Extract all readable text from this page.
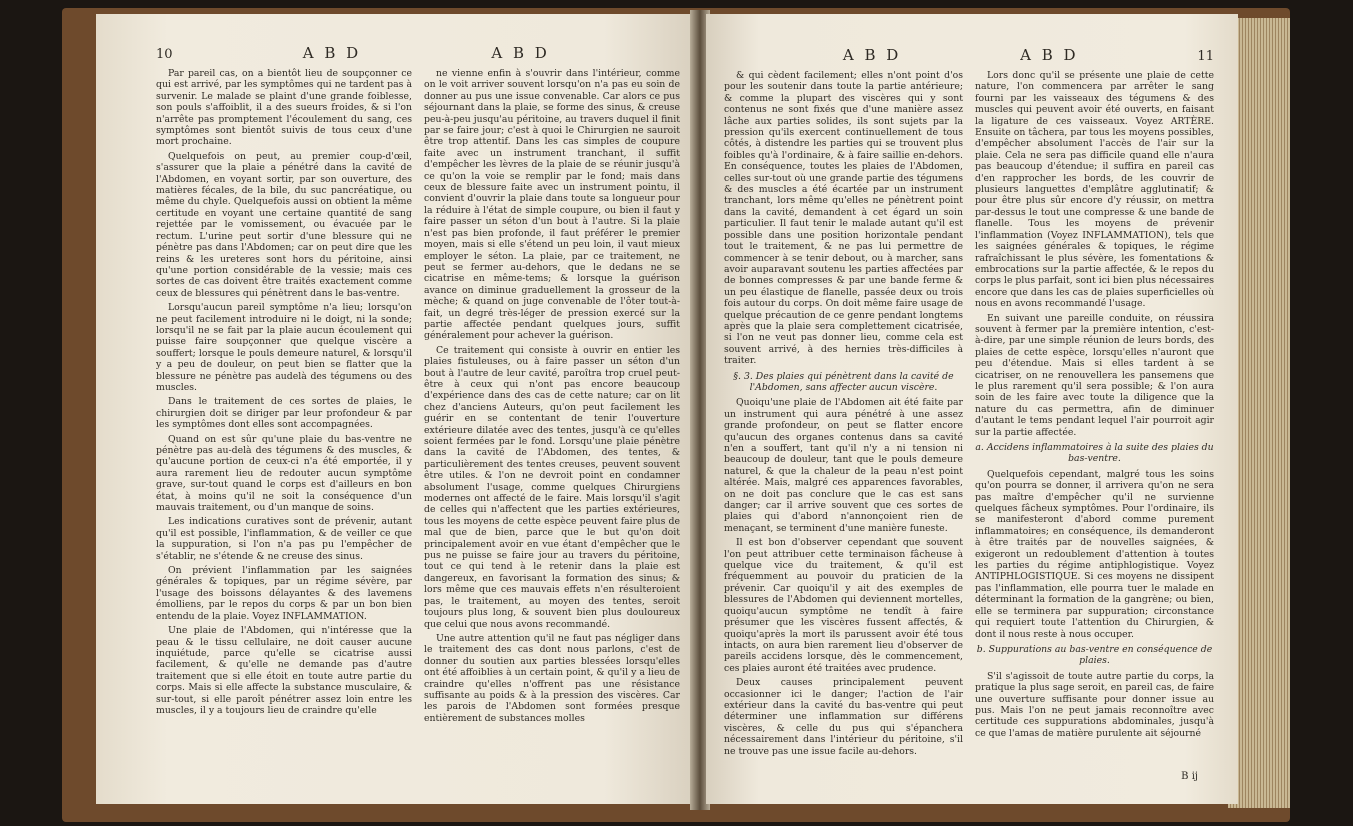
10	A B D	A B D

Par pareil cas, on a bientôt lieu de soupçonner ce qui est arrivé, par les symptômes qui ne tardent pas à survenir. Le malade se plaint d'une grande foiblesse, son pouls s'affoiblit, il a des sueurs froides, & si l'on n'arrête pas promptement l'écoulement du sang, ces symptômes sont bientôt suivis de tous ceux d'une mort prochaine.

Quelquefois on peut, au premier coup-d'œil, s'assurer que la plaie a pénétré dans la cavité de l'Abdomen, en voyant sortir, par son ouverture, des matières fécales, de la bile, du suc pancréatique, ou même du chyle. Quelquefois aussi on obtient la même certitude en voyant une certaine quantité de sang rejettée par le vomissement, ou évacuée par le rectum. L'urine peut sortir d'une blessure qui ne pénètre pas dans l'Abdomen; car on peut dire que les reins & les ureteres sont hors du péritoine, ainsi qu'une portion considérable de la vessie; mais ces sortes de cas doivent être traités exactement comme ceux de blessures qui pénètrent dans le bas-ventre.

Lorsqu'aucun pareil symptôme n'a lieu; lorsqu'on ne peut facilement introduire ni le doigt, ni la sonde; lorsqu'il ne se fait par la plaie aucun écoulement qui puisse faire soupçonner que quelque viscère a souffert; lorsque le pouls demeure naturel, & lorsqu'il y a peu de douleur, on peut bien se flatter que la blessure ne pénètre pas audelà des tégumens ou des muscles.

Dans le traitement de ces sortes de plaies, le chirurgien doit se diriger par leur profondeur & par les symptômes dont elles sont accompagnées.

Quand on est sûr qu'une plaie du bas-ventre ne pénètre pas au-delà des tégumens & des muscles, & qu'aucune portion de ceux-ci n'a été emportée, il y aura rarement lieu de redouter aucun symptôme grave, sur-tout quand le corps est d'ailleurs en bon état, à moins qu'il ne soit la conséquence d'un mauvais traitement, ou d'un manque de soins.

Les indications curatives sont de prévenir, autant qu'il est possible, l'inflammation, & de veiller ce que la suppuration, si l'on n'a pas pu l'empêcher de s'établir, ne s'étende & ne creuse des sinus.

On prévient l'inflammation par les saignées générales & topiques, par un régime sévère, par l'usage des boissons délayantes & des lavemens émolliens, par le repos du corps & par un bon bien entendu de la plaie. Voyez INFLAMMATION.

Une plaie de l'Abdomen, qui n'intéresse que la peau & le tissu cellulaire, ne doit causer aucune inquiétude, parce qu'elle se cicatrise aussi facilement, & qu'elle ne demande pas d'autre traitement que si elle étoit en toute autre partie du corps. Mais si elle affecte la substance musculaire, & sur-tout, si elle paroît pénétrer assez loin entre les muscles, il y a toujours lieu de craindre qu'elle

ne vienne enfin à s'ouvrir dans l'intérieur, comme on le voit arriver souvent lorsqu'on n'a pas eu soin de donner au pus une issue convenable. Car alors ce pus séjournant dans la plaie, se forme des sinus, & creuse peu-à-peu jusqu'au péritoine, au travers duquel il finit par se faire jour; c'est à quoi le Chirurgien ne sauroit être trop attentif. Dans les cas simples de coupure faite avec un instrument tranchant, il suffit d'empêcher les lèvres de la plaie de se réunir jusqu'à ce qu'on la voie se remplir par le fond; mais dans ceux de blessure faite avec un instrument pointu, il convient d'ouvrir la plaie dans toute sa longueur pour la réduire à l'état de simple coupure, ou bien il faut y faire passer un séton d'un bout à l'autre. Si la plaie n'est pas bien profonde, il faut préférer le premier moyen, mais si elle s'étend un peu loin, il vaut mieux employer le séton. La plaie, par ce traitement, ne peut se fermer au-dehors, que le dedans ne se cicatrise en même-tems; & lorsque la guérison avance on diminue graduellement la grosseur de la mèche; & quand on juge convenable de l'ôter tout-à-fait, un degré très-léger de pression exercé sur la partie affectée pendant quelques jours, suffit généralement pour achever la guérison.

Ce traitement qui consiste à ouvrir en entier les plaies fistuleuses, ou à faire passer un séton d'un bout à l'autre de leur cavité, paroîtra trop cruel peut-être à ceux qui n'ont pas encore beaucoup d'expérience dans des cas de cette nature; car on lit chez d'anciens Auteurs, qu'on peut facilement les guérir en se contentant de tenir l'ouverture extérieure dilatée avec des tentes, jusqu'à ce qu'elles soient fermées par le fond. Lorsqu'une plaie pénètre dans la cavité de l'Abdomen, des tentes, & particulièrement des tentes creuses, peuvent souvent être utiles. & l'on ne devroit point en condamner absolument l'usage, comme quelques Chirurgiens modernes ont affecté de le faire. Mais lorsqu'il s'agit de celles qui n'affectent que les parties extérieures, tous les moyens de cette espèce peuvent faire plus de mal que de bien, parce que le but qu'on doit principalement avoir en vue étant d'empêcher que le pus ne puisse se faire jour au travers du péritoine, tout ce qui tend à le retenir dans la plaie est dangereux, en favorisant la formation des sinus; & lors même que ces mauvais effets n'en résulteroient pas, le traitement, au moyen des tentes, seroit toujours plus long, & souvent bien plus douloureux que celui que nous avons recommandé.

Une autre attention qu'il ne faut pas négliger dans le traitement des cas dont nous parlons, c'est de donner du soutien aux parties blessées lorsqu'elles ont été affoiblies à un certain point, & qu'il y a lieu de craindre qu'elles n'offrent pas une résistance suffisante au poids & à la pression des viscères. Car les parois de l'Abdomen sont formées presque entièrement de substances molles

A B D	A B D	11

& qui cèdent facilement; elles n'ont point d'os pour les soutenir dans toute la partie antérieure; & comme la plupart des viscères qui y sont contenus ne sont fixés que d'une manière assez lâche aux parties solides, ils sont sujets par la pression qu'ils exercent continuellement de tous côtés, à distendre les parties qui se trouvent plus foibles qu'à l'ordinaire, & à faire saillie en-dehors. En conséquence, toutes les plaies de l'Abdomen, celles sur-tout où une grande partie des tégumens & des muscles a été écartée par un instrument tranchant, lors même qu'elles ne pénètrent point dans la cavité, demandent à cet égard un soin particulier. Il faut tenir le malade autant qu'il est possible dans une position horizontale pendant tout le traitement, & ne pas lui permettre de commencer à se tenir debout, ou à marcher, sans avoir auparavant soutenu les parties affectées par de bonnes compresses & par une bande ferme & un peu élastique de flanelle, passée deux ou trois fois autour du corps. On doit même faire usage de quelque précaution de ce genre pendant longtems après que la plaie sera complettement cicatrisée, si l'on ne veut pas donner lieu, comme cela est souvent arrivé, à des hernies très-difficiles à traiter.

§. 3. Des plaies qui pénètrent dans la cavité de l'Abdomen, sans affecter aucun viscère.

Quoiqu'une plaie de l'Abdomen ait été faite par un instrument qui aura pénétré à une assez grande profondeur, on peut se flatter encore qu'aucun des organes contenus dans sa cavité n'en a souffert, tant qu'il n'y a ni tension ni beaucoup de douleur, tant que le pouls demeure naturel, & que la chaleur de la peau n'est point altérée. Mais, malgré ces apparences favorables, on ne doit pas conclure que le cas est sans danger; car il arrive souvent que ces sortes de plaies qui d'abord n'annonçoient rien de menaçant, se terminent d'une manière funeste.

Il est bon d'observer cependant que souvent l'on peut attribuer cette terminaison fâcheuse à quelque vice du traitement, & qu'il est fréquemment au pouvoir du praticien de la prévenir. Car quoiqu'il y ait des exemples de blessures de l'Abdomen qui deviennent mortelles, quoiqu'aucun symptôme ne tendît à faire présumer que les viscères fussent affectés, & quoiqu'après la mort ils parussent avoir été tous intacts, on aura bien rarement lieu d'observer de pareils accidens lorsque, dès le commencement, ces plaies auront été traitées avec prudence.

Deux causes principalement peuvent occasionner ici le danger; l'action de l'air extérieur dans la cavité du bas-ventre qui peut déterminer une inflammation sur différens viscères, & celle du pus qui s'épanchera nécessairement dans l'intérieur du péritoine, s'il ne trouve pas une issue facile au-dehors.

Lors donc qu'il se présente une plaie de cette nature, l'on commencera par arrêter le sang fourni par les vaisseaux des tégumens & des muscles qui peuvent avoir été ouverts, en faisant la ligature de ces vaisseaux. Voyez ARTÈRE. Ensuite on tâchera, par tous les moyens possibles, d'empêcher absolument l'accès de l'air sur la plaie. Cela ne sera pas difficile quand elle n'aura pas beaucoup d'étendue; il suffira en pareil cas d'en rapprocher les bords, de les couvrir de plusieurs languettes d'emplâtre agglutinatif; & pour être plus sûr encore d'y réussir, on mettra par-dessus le tout une compresse & une bande de flanelle. Tous les moyens de prévenir l'inflammation (Voyez INFLAMMATION), tels que les saignées générales & topiques, le régime rafraîchissant le plus sévère, les fomentations & embrocations sur la partie affectée, & le repos du corps le plus parfait, sont ici bien plus nécessaires encore que dans les cas de plaies superficielles où nous en avons recommandé l'usage.

En suivant une pareille conduite, on réussira souvent à fermer par la première intention, c'est-à-dire, par une simple réunion de leurs bords, des plaies de cette espèce, lorsqu'elles n'auront que peu d'étendue. Mais si elles tardent à se cicatriser, on ne renouvellera les pansemens que le plus rarement qu'il sera possible; & l'on aura soin de les faire avec toute la diligence que la nature du cas permettra, afin de diminuer d'autant le tems pendant lequel l'air pourroit agir sur la partie affectée.

a. Accidens inflammatoires à la suite des plaies du bas-ventre.

Quelquefois cependant, malgré tous les soins qu'on pourra se donner, il arrivera qu'on ne sera pas maître d'empêcher qu'il ne survienne quelques fâcheux symptômes. Pour l'ordinaire, ils se manifesteront d'abord comme purement inflammatoires; en conséquence, ils demanderont à être traités par de nouvelles saignées, & exigeront un redoublement d'attention à toutes les parties du régime antiphlogistique. Voyez ANTIPHLOGISTIQUE. Si ces moyens ne dissipent pas l'inflammation, elle pourra tuer le malade en déterminant la formation de la gangrène; ou bien, elle se terminera par suppuration; circonstance qui requiert toute l'attention du Chirurgien, & dont il nous reste à nous occuper.

b. Suppurations au bas-ventre en conséquence de plaies.

S'il s'agissoit de toute autre partie du corps, la pratique la plus sage seroit, en pareil cas, de faire une ouverture suffisante pour donner issue au pus. Mais l'on ne peut jamais reconnoître avec certitude ces suppurations abdominales, jusqu'à ce que l'amas de matière purulente ait séjourné

B ij
